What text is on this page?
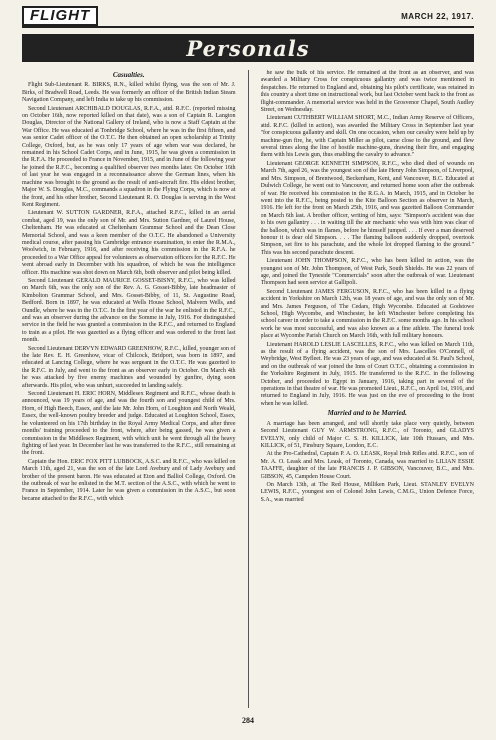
FLIGHT	MARCH 22, 1917.
Personals

Casualties.

Flight Sub-Lieutenant R. BIRKS, R.N., killed whilst flying, was the son of Mr. J. Birks, of Bradwell Road, Leeds. He was formerly an officer of the British Indian Steam Navigation Company, and left India to take up his commission.

Second Lieutenant ARCHIBALD DOUGLAS, R.F.A., attd. R.F.C. (reported missing on October 16th, now reported killed on that date), was a son of Captain R. Langton Douglas, Director of the National Gallery of Ireland, who is now a Staff Captain at the War Office. He was educated at Tonbridge School, where he was in the first fifteen, and was senior Cadet officer of the O.T.C. He then obtained an open scholarship at Trinity College, Oxford, but, as he was only 17 years of age when war was declared, he remained in his School Cadet Corps, and in June, 1915, he was given a commission in the R.F.A. He proceeded to France in November, 1915, and in June of the following year he joined the R.F.C., becoming a qualified observer two months later. On October 16th of last year he was engaged in a reconnaissance above the German lines, when his machine was brought to the ground as the result of anti-aircraft fire. His eldest brother, Major W. S. Douglas, M.C., commands a squadron in the Flying Corps, which is now at the front, and his other brother, Second Lieutenant R. O. Douglas is serving in the West Kent Regiment.

Lieutenant W. SUTTON GARDNER, R.F.A., attached R.F.C., killed in an aerial combat, aged 19, was the only son of Mr. and Mrs. Sutton Gardner, of Laurel House, Cheltenham. He was educated at Cheltenham Grammar School and the Dean Close Memorial School, and was a keen member of the O.T.C. He abandoned a University medical course, after passing his Cambridge entrance examination, to enter the R.M.A., Woolwich, in February, 1916, and after receiving his commission in the R.F.A. he proceeded to a War Office appeal for volunteers as observation officers for the R.F.C. He went abroad early in December with his squadron, of which he was the intelligence officer. His machine was shot down on March 6th, both observer and pilot being killed.

Second Lieutenant GERALD MAURICE GOSSET-BISNY, R.F.C., who was killed on March 6th, was the only son of the Rev. A. G. Gosset-Bibby, late headmaster of Kimbolton Grammar School, and Mrs. Gosset-Bibby, of 11, St. Augustine Road, Bedford. Born in 1897, he was educated at Wells House School, Malvern Wells, and Oundle, where he was in the O.T.C. In the first year of the war he enlisted in the R.F.C., and was an observer during the advance on the Somme in July, 1916. For distinguished service in the field he was granted a commission in the R.F.C., and returned to England to train as a pilot. He was gazetted as a flying officer and was ordered to the front last month.

Second Lieutenant DERVYN EDWARD GREENHOW, R.F.C., killed, younger son of the late Rev. E. H. Greenhow, vicar of Chilcock, Bridport, was born in 1897, and educated at Lancing College, where he was sergeant in the O.T.C. He was gazetted to the R.F.C. in July, and went to the front as an observer early in October. On March 4th he was attacked by five enemy machines and wounded by gunfire, dying soon afterwards. His pilot, who was unhurt, succeeded in landing safely.

Second Lieutenant H. ERIC HORN, Middlesex Regiment and R.F.C., whose death is announced, was 19 years of age, and was the fourth son and youngest child of Mrs. Horn, of High Beech, Essex, and the late Mr. John Horn, of Loughton and North Weald, Essex, the well-known poultry breeder and judge. Educated at Loughton School, Essex, he volunteered on his 17th birthday in the Royal Army Medical Corps, and after three months' training proceeded to the front, where, after being gassed, he was given a commission in the Middlesex Regiment, with which unit he went through all the heavy fighting of last year. In December last he was transferred to the R.F.C., still remaining at the front.

Captain the Hon. ERIC FOX PITT LUBBOCK, A.S.C. and R.F.C., who was killed on March 11th, aged 21, was the son of the late Lord Avebury and of Lady Avebury and brother of the present baron. He was educated at Eton and Balliol College, Oxford. On the outbreak of war he enlisted in the M.T. section of the A.S.C., with which he went to France in September, 1914. Later he was given a commission in the A.S.C., but soon became attached to the R.F.C., with which

he saw the bulk of his service. He remained at the front as an observer, and was awarded a Military Cross for conspicuous gallantry and was twice mentioned in despatches. He returned to England and, obtaining his pilot's certificate, was retained in this country a short time on instructional work, but last October went back to the front as flight-commander. A memorial service was held in the Grosvenor Chapel, South Audley Street, on Wednesday.

Lieutenant CUTHBERT WILLIAM SHORT, M.C., Indian Army Reserve of Officers, attd. R.F.C. (killed in action), was awarded the Military Cross in September last year "for conspicuous gallantry and skill. On one occasion, when our cavalry were held up by machine-gun fire, he, with Captain Miller as pilot, came close to the ground, and flew several times along the line of hostile machine-guns, drawing their fire, and engaging them with his Lewis gun, thus enabling the cavalry to advance."

Lieutenant GEORGE KENNETH SIMPSON, R.F.C., who died died of wounds on March 7th, aged 26, was the youngest son of the late Henry John Simpson, of Liverpool, and Mrs. Simpson, of Brentwood, Beckenham, Kent, and Vancouver, B.C. Educated at Dulwich College, he went out to Vancouver, and returned home soon after the outbreak of war. He received his commission in the R.G.A. in March, 1915, and in October he went into the R.F.C., being posted to the Kite Balloon Section as observer in March, 1916. He left for the front on March 25th, 1916, and was gazetted Balloon Commander on March 6th last. A brother officer, writing of him, says: "Simpson's accident was due to his own gallantry . . . in waiting till the air mechanic who was with him was clear of the balloon, which was in flames, before he himself jumped. . . . If ever a man deserved honour it is dear old Simpson. . . . The flaming balloon suddenly dropped, overtook Simpson, set fire to his parachute, and the whole lot dropped flaming to the ground." This was his second parachute descent.

Lieutenant JOHN THOMPSON, R.F.C., who has been killed in action, was the youngest son of Mr. John Thompson, of West Park, South Shields. He was 22 years of age, and joined the Tyneside "Commercials" soon after the outbreak of war. Lieutenant Thompson had seen service at Gallipoli.

Second Lieutenant JAMES FERGUSON, R.F.C., who has been killed in a flying accident in Yorkshire on March 12th, was 18 years of age, and was the only son of Mr. and Mrs. James Ferguson, of The Cedars, High Wycombe. Educated at Godstowe School, High Wycombe, and Winchester, he left Winchester before completing his school career in order to take a commission in the R.F.C. some months ago. In his school work he was most successful, and was also known as a fine athlete. The funeral took place at Wycombe Parish Church on March 16th, with full military honours.

Lieutenant HAROLD LESLIE LASCELLES, R.F.C., who was killed on March 11th, as the result of a flying accident, was the son of Mrs. Lascelles O'Connell, of Weybridge, West Byfleet. He was 23 years of age, and was educated at St. Paul's School, and on the outbreak of war joined the Inns of Court O.T.C., obtaining a commission in the Yorkshire Regiment in July, 1915. He transferred to the R.F.C. in the following October, and proceeded to Egypt in January, 1916, taking part in several of the operations in that theatre of war. He was promoted Lieut., R.F.C., on April 1st, 1916, and returned to England in July, 1916. He was just on the eve of proceeding to the front when he was killed.

Married and to be Married.

A marriage has been arranged, and will shortly take place very quietly, between Second Lieutenant GUY W. ARMSTRONG, R.F.C., of Toronto, and GLADYS EVELYN, only child of Major C. S. H. KILLICK, late 10th Hussars, and Mrs. KILLICK, of 51, Finsbury Square, London, E.C.

At the Pro-Cathedral, Captain P. A. O. LEASK, Royal Irish Rifles attd. R.F.C., son of Mr. A. O. Leask and Mrs. Leask, of Toronto, Canada, was married to LILIAN ESSIE TAAFFE, daughter of the late FRANCIS J. P. GIBSON, Vancouver, B.C., and Mrs. GIBSON, 45, Campden House Court.

On March 13th, at The Red House, Milliken Park, Lieut. STANLEY EVELYN LEWIS, R.F.C., youngest son of Colonel John Lewis, C.M.G., Union Defence Force, S.A., was married

284
